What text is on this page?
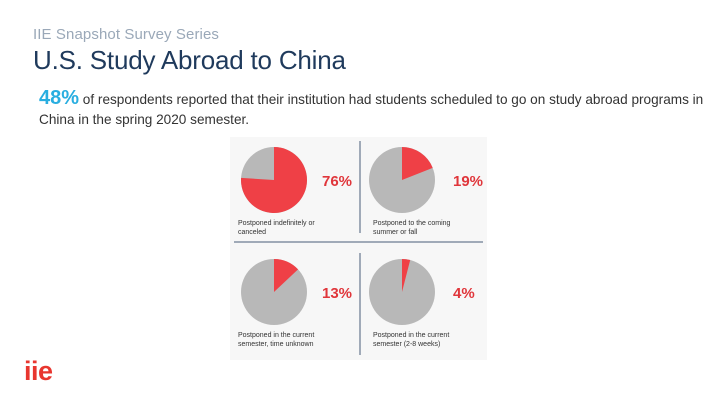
IIE Snapshot Survey Series
U.S. Study Abroad to China
48% of respondents reported that their institution had students scheduled to go on study abroad programs in China in the spring 2020 semester.
76%
Postponed indefinitely or
canceled
19%
Postponed to the coming
summer or fall
13%
Postponed in the current
semester, time unknown
4%
Postponed in the current
semester (2-8 weeks)
iie
